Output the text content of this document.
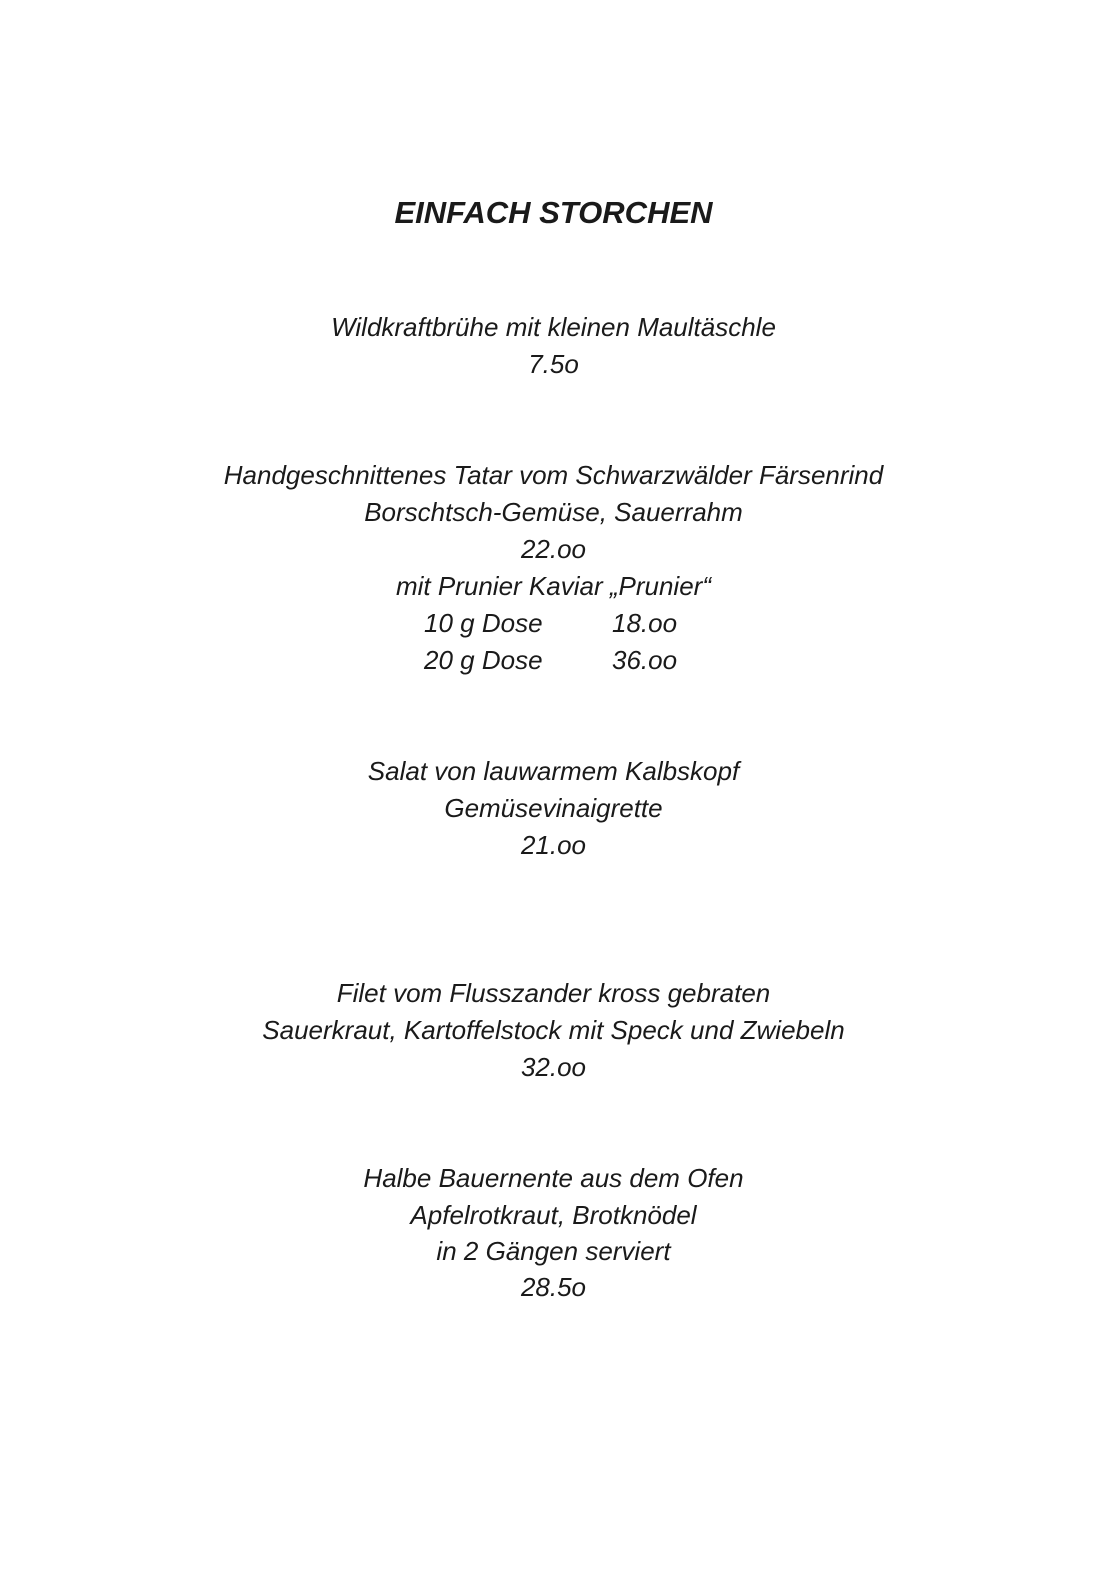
EINFACH STORCHEN
Wildkraftbrühe mit kleinen Maultäschle
7.5o
Handgeschnittenes Tatar vom Schwarzwälder Färsenrind
Borschtsch-Gemüse, Sauerrahm
22.oo
mit Prunier Kaviar „Prunier“
10 g Dose	18.oo
20 g Dose	36.oo
Salat von lauwarmem Kalbskopf
Gemüsevinaigrette
21.oo
Filet vom Flusszander kross gebraten
Sauerkraut, Kartoffelstock mit Speck und Zwiebeln
32.oo
Halbe Bauernente aus dem Ofen
Apfelrotkraut, Brotknödel
in 2 Gängen serviert
28.5o
